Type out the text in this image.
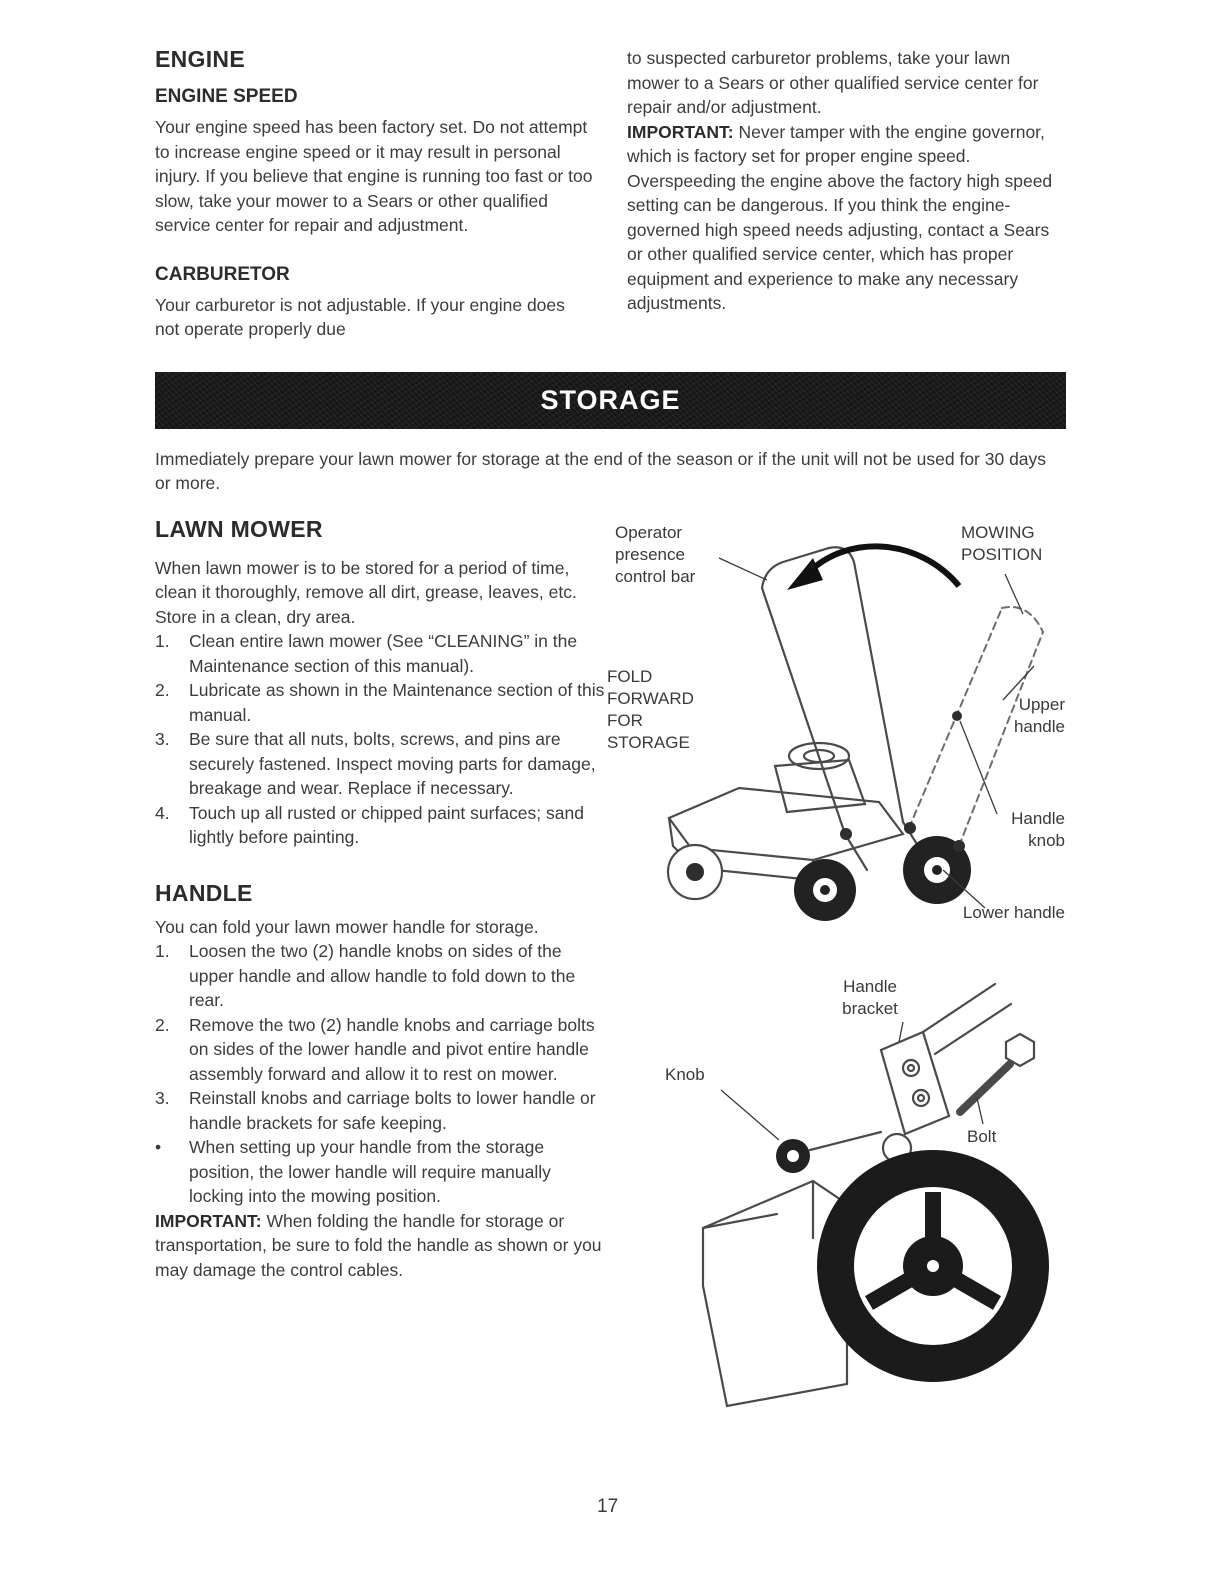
ENGINE
ENGINE SPEED

Your engine speed has been factory set. Do not attempt to increase engine speed or it may result in personal injury. If you believe that engine is running too fast or too slow, take your mower to a Sears or other qualified service center for repair and adjustment.

CARBURETOR

Your carburetor is not adjustable. If your engine does not operate properly due

to suspected carburetor problems, take your lawn mower to a Sears or other qualified service center for repair and/or adjustment.

IMPORTANT: Never tamper with the engine governor, which is factory set for proper engine speed. Overspeeding the engine above the factory high speed setting can be dangerous. If you think the engine-governed high speed needs adjusting, contact a Sears or other qualified service center, which has proper equipment and experience to make any necessary adjustments.

STORAGE

Immediately prepare your lawn mower for storage at the end of the season or if the unit will not be used for 30 days or more.

LAWN MOWER

When lawn mower is to be stored for a period of time, clean it thoroughly, remove all dirt, grease, leaves, etc. Store in a clean, dry area.

1.	Clean entire lawn mower (See “CLEANING” in the Maintenance section of this manual).
2.	Lubricate as shown in the Maintenance section of this manual.
3.	Be sure that all nuts, bolts, screws, and pins are securely fastened. Inspect moving parts for damage, breakage and wear. Replace if necessary.
4.	Touch up all rusted or chipped paint surfaces; sand lightly before painting.
HANDLE

You can fold your lawn mower handle for storage.

1.	Loosen the two (2) handle knobs on sides of the upper handle and allow handle to fold down to the rear.
2.	Remove the two (2) handle knobs and carriage bolts on sides of the lower handle and pivot entire handle assembly forward and allow it to rest on mower.
3.	Reinstall knobs and carriage bolts to lower handle or handle brackets for safe keeping.
•	When setting up your handle from the storage position, the lower handle will require manually locking into the mowing position.

IMPORTANT: When folding the handle for storage or transportation, be sure to fold the handle as shown or you may damage the control cables.

Operator presence control bar
MOWING POSITION
FOLD FORWARD FOR STORAGE
Upper handle
Handle knob
Lower handle
Handle bracket
Knob
Bolt
17
